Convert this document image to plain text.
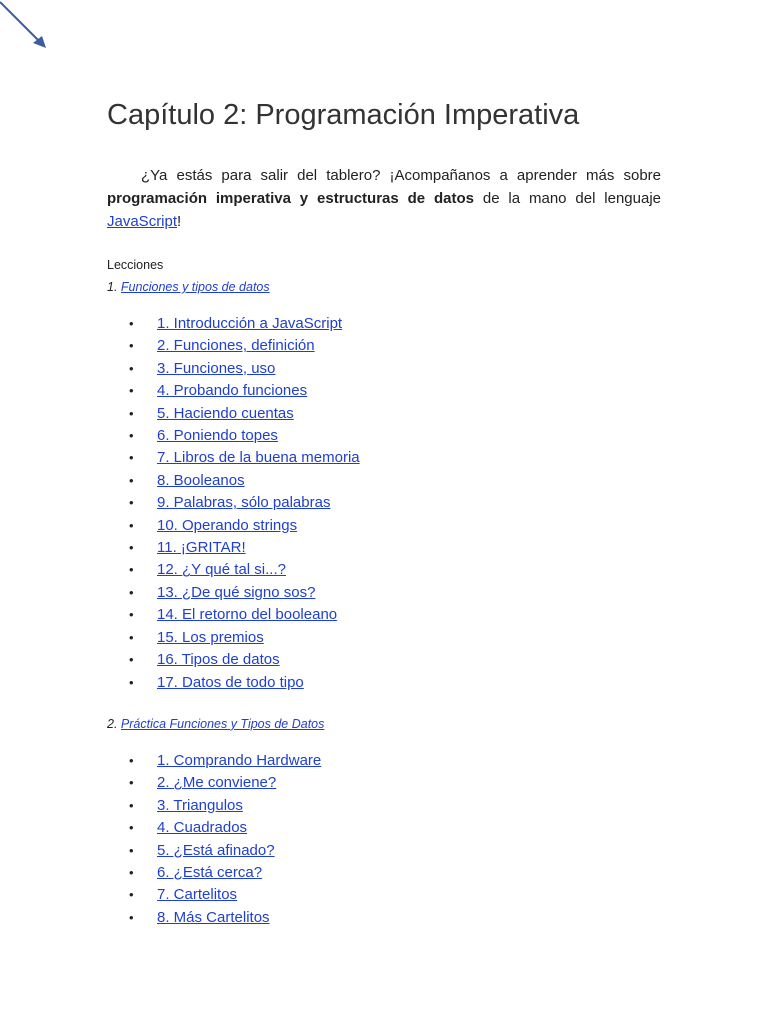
Capítulo 2: Programación Imperativa

¿Ya estás para salir del tablero? ¡Acompañanos a aprender más sobre programación imperativa y estructuras de datos de la mano del lenguaje JavaScript!

Lecciones

1. Funciones y tipos de datos

• 1. Introducción a JavaScript
• 2. Funciones, definición
• 3. Funciones, uso
• 4. Probando funciones
• 5. Haciendo cuentas
• 6. Poniendo topes
• 7. Libros de la buena memoria
• 8. Booleanos
• 9. Palabras, sólo palabras
• 10. Operando strings
• 11. ¡GRITAR!
• 12. ¿Y qué tal si...?
• 13. ¿De qué signo sos?
• 14. El retorno del booleano
• 15. Los premios
• 16. Tipos de datos
• 17. Datos de todo tipo

2. Práctica Funciones y Tipos de Datos

• 1. Comprando Hardware
• 2. ¿Me conviene?
• 3. Triangulos
• 4. Cuadrados
• 5. ¿Está afinado?
• 6. ¿Está cerca?
• 7. Cartelitos
• 8. Más Cartelitos
